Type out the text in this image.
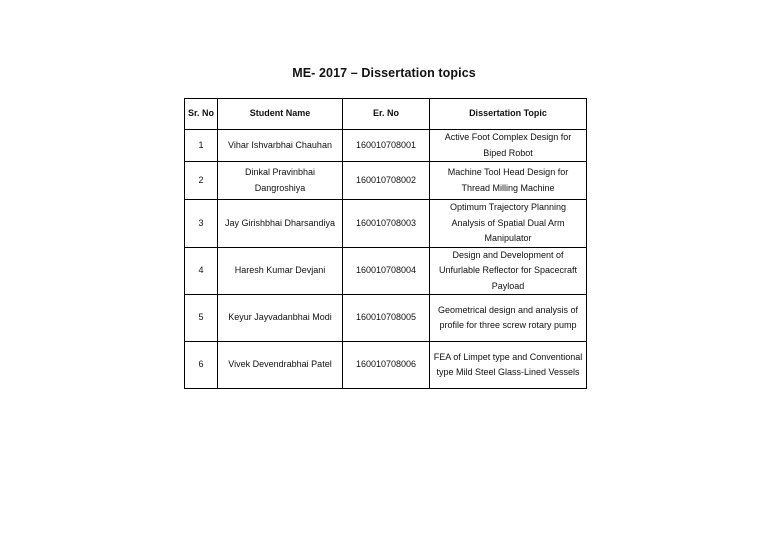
ME- 2017 – Dissertation topics
Sr. No	Student Name	Er. No	Dissertation Topic
1	Vihar Ishvarbhai Chauhan	160010708001	Active Foot Complex Design for Biped Robot
2	Dinkal Pravinbhai Dangroshiya	160010708002	Machine Tool Head Design for Thread Milling Machine
3	Jay Girishbhai Dharsandiya	160010708003	Optimum Trajectory Planning Analysis of Spatial Dual Arm Manipulator
4	Haresh Kumar Devjani	160010708004	Design and Development of Unfurlable Reflector for Spacecraft Payload
5	Keyur Jayvadanbhai Modi	160010708005	Geometrical design and analysis of profile for three screw rotary pump
6	Vivek Devendrabhai Patel	160010708006	FEA of Limpet type and Conventional type Mild Steel Glass-Lined Vessels
